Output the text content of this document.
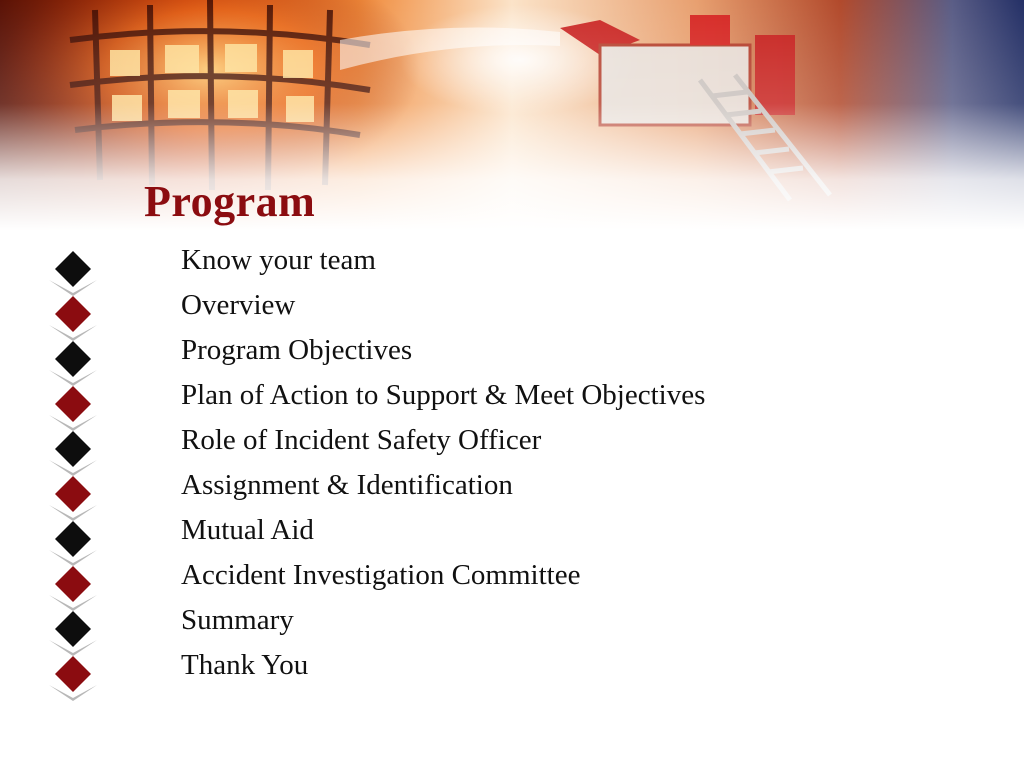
Program
Know your team
Overview
Program Objectives
Plan of Action to Support & Meet Objectives
Role of Incident Safety Officer
Assignment & Identification
Mutual Aid
Accident Investigation Committee
Summary
Thank You
